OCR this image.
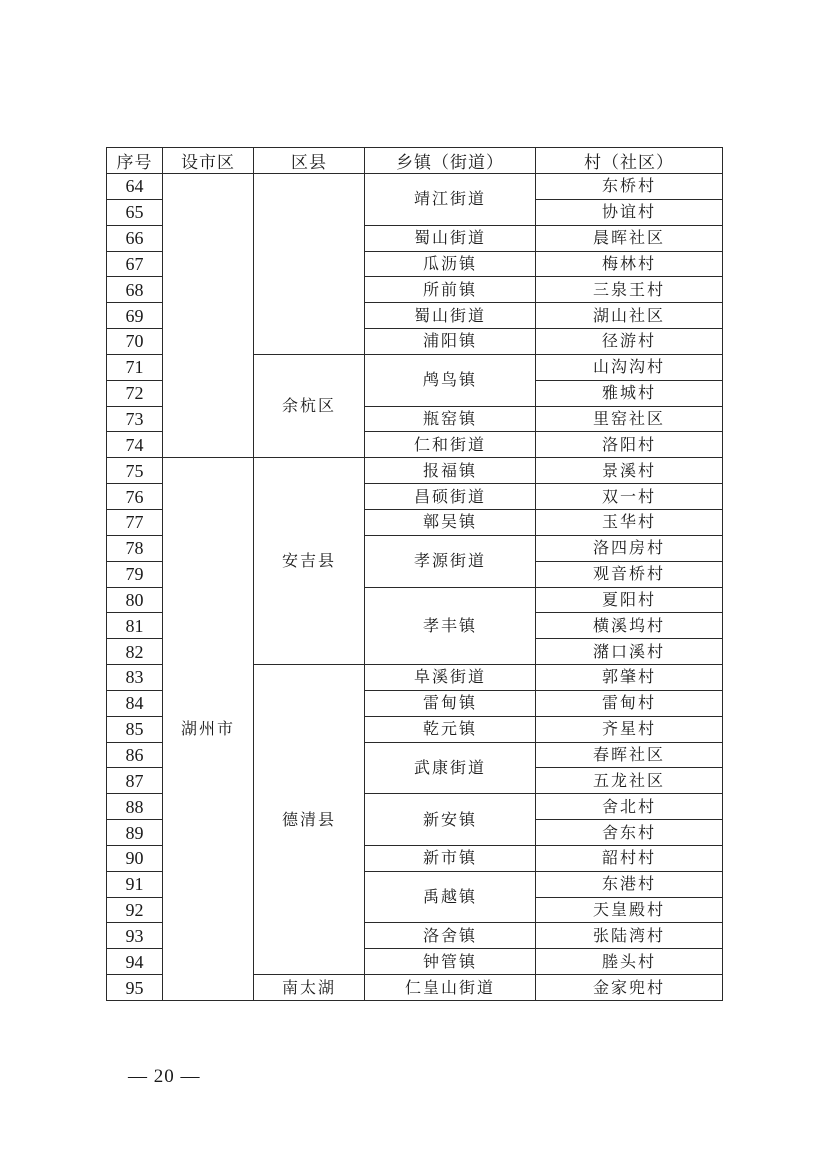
序号	设市区	区县	乡镇（街道）	村（社区）
64			靖江街道	东桥村
65				协谊村
66			蜀山街道	晨晖社区
67			瓜沥镇	梅林村
68			所前镇	三泉王村
69			蜀山街道	湖山社区
70			浦阳镇	径游村
71		余杭区	鸬鸟镇	山沟沟村
72				雅城村
73			瓶窑镇	里窑社区
74			仁和街道	洛阳村
75	湖州市	安吉县	报福镇	景溪村
76			昌硕街道	双一村
77			鄣吴镇	玉华村
78			孝源街道	洛四房村
79				观音桥村
80			孝丰镇	夏阳村
81				横溪坞村
82				潴口溪村
83		德清县	阜溪街道	郭肇村
84			雷甸镇	雷甸村
85			乾元镇	齐星村
86			武康街道	春晖社区
87				五龙社区
88			新安镇	舍北村
89				舍东村
90			新市镇	韶村村
91			禹越镇	东港村
92				天皇殿村
93			洛舍镇	张陆湾村
94			钟管镇	塍头村
95		南太湖	仁皇山街道	金家兜村
— 20 —
